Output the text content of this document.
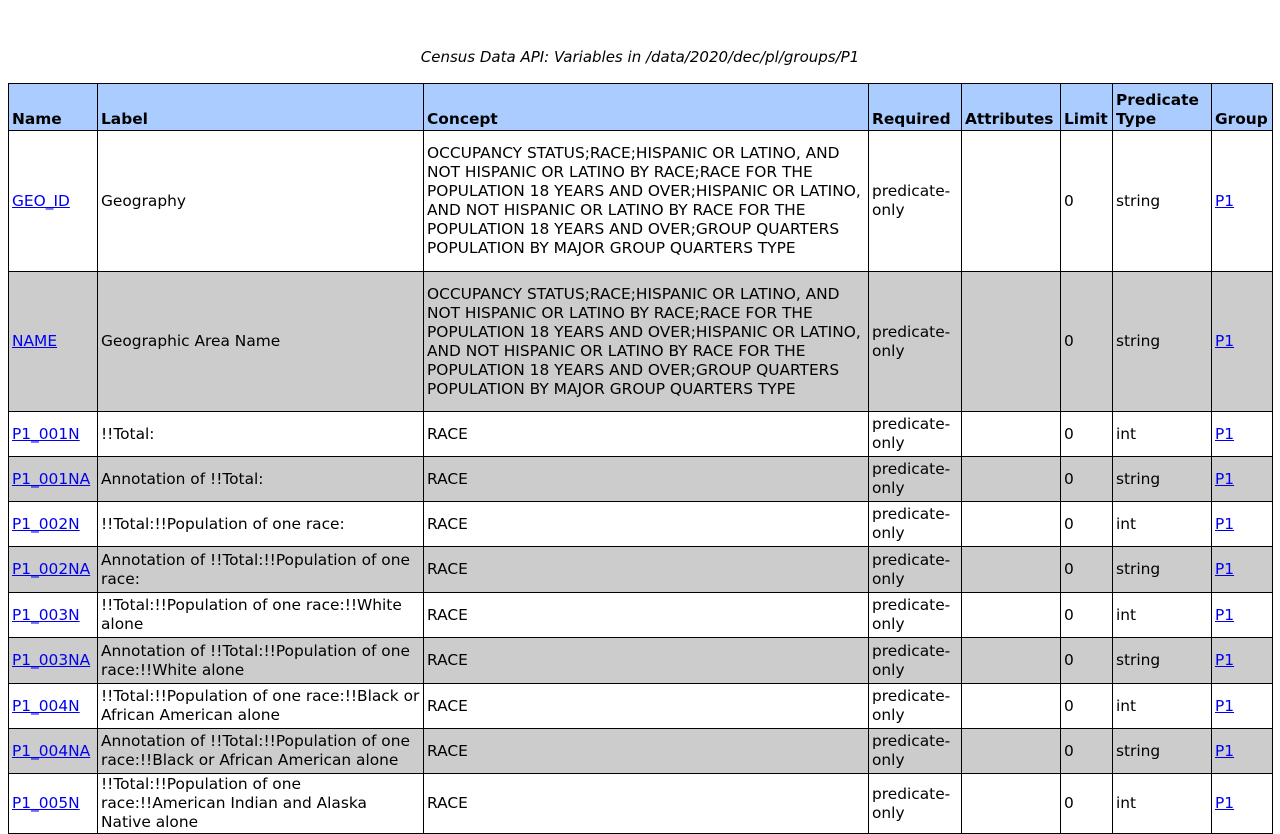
Census Data API: Variables in /data/2020/dec/pl/groups/P1
Name	Label	Concept	Required	Attributes	Limit	Predicate Type	Group
GEO_ID	Geography	OCCUPANCY STATUS;RACE;HISPANIC OR LATINO, AND NOT HISPANIC OR LATINO BY RACE;RACE FOR THE POPULATION 18 YEARS AND OVER;HISPANIC OR LATINO, AND NOT HISPANIC OR LATINO BY RACE FOR THE POPULATION 18 YEARS AND OVER;GROUP QUARTERS POPULATION BY MAJOR GROUP QUARTERS TYPE	predicate-only		0	string	P1
NAME	Geographic Area Name	OCCUPANCY STATUS;RACE;HISPANIC OR LATINO, AND NOT HISPANIC OR LATINO BY RACE;RACE FOR THE POPULATION 18 YEARS AND OVER;HISPANIC OR LATINO, AND NOT HISPANIC OR LATINO BY RACE FOR THE POPULATION 18 YEARS AND OVER;GROUP QUARTERS POPULATION BY MAJOR GROUP QUARTERS TYPE	predicate-only		0	string	P1
P1_001N	!!Total:	RACE	predicate-only		0	int	P1
P1_001NA	Annotation of !!Total:	RACE	predicate-only		0	string	P1
P1_002N	!!Total:!!Population of one race:	RACE	predicate-only		0	int	P1
P1_002NA	Annotation of !!Total:!!Population of one race:	RACE	predicate-only		0	string	P1
P1_003N	!!Total:!!Population of one race:!!White alone	RACE	predicate-only		0	int	P1
P1_003NA	Annotation of !!Total:!!Population of one race:!!White alone	RACE	predicate-only		0	string	P1
P1_004N	!!Total:!!Population of one race:!!Black or African American alone	RACE	predicate-only		0	int	P1
P1_004NA	Annotation of !!Total:!!Population of one race:!!Black or African American alone	RACE	predicate-only		0	string	P1
P1_005N	!!Total:!!Population of one race:!!American Indian and Alaska Native alone	RACE	predicate-only		0	int	P1
